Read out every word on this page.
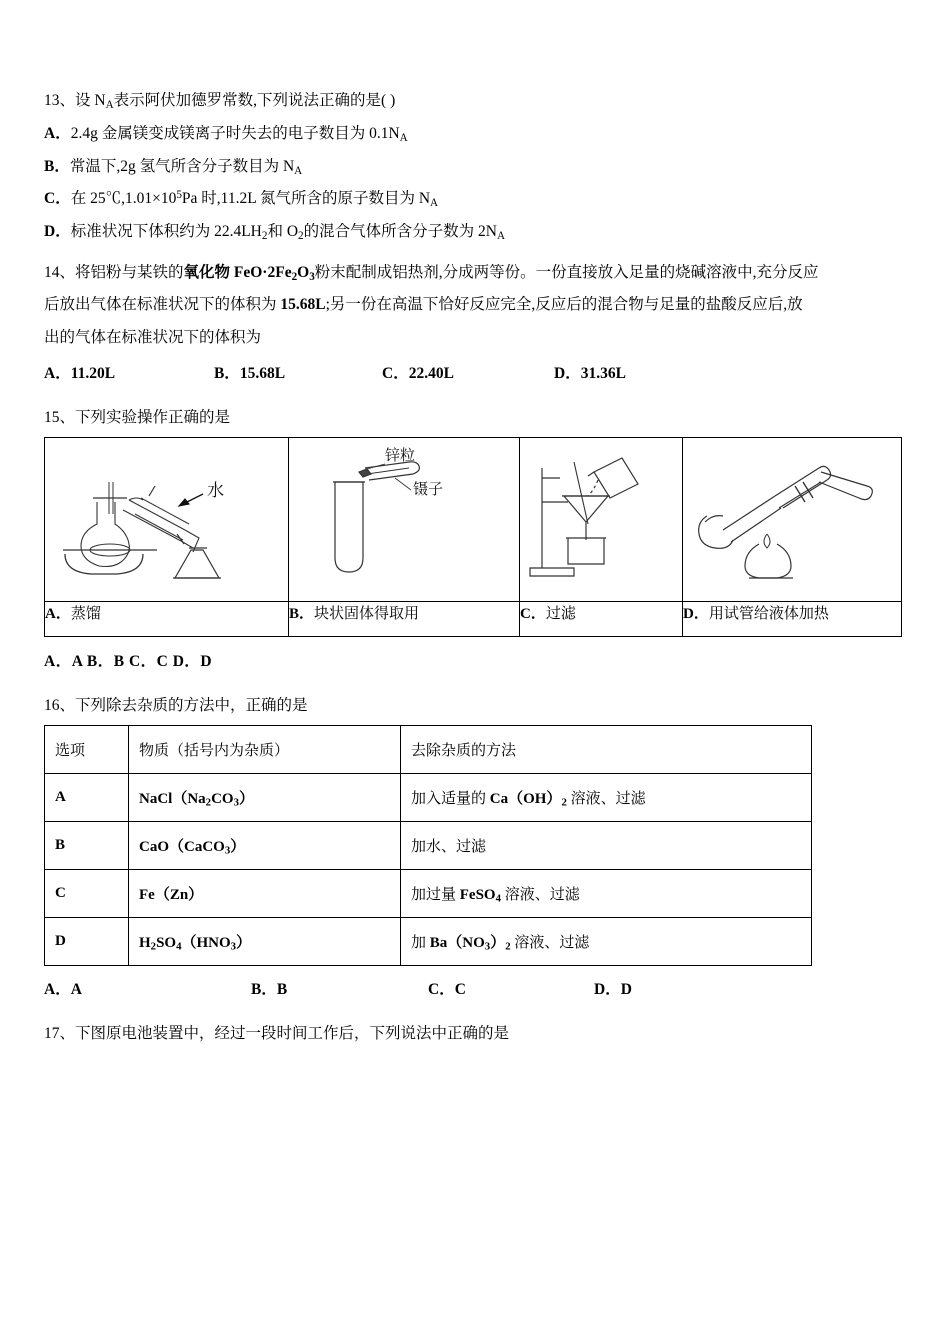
13、设 $N_A$表示阿伏加德罗常数,下列说法正确的是( )
A．2.4g 金属镁变成镁离子时失去的电子数目为 $0.1N_A$
B．常温下,2g 氢气所含分子数目为 $N_A$
C．在 $25℃,1.01\times 10^5Pa$ 时,11.2L 氮气所含的原子数目为 $N_A$
D．标准状况下体积约为 $22.4LH_2$和 $O_2$的混合气体所含分子数为 $2N_A$
14、将铝粉与某铁的氧化物 $FeO\cdot 2Fe_2O_3$粉末配制成铝热剂,分成两等份。一份直接放入足量的烧碱溶液中,充分反应
后放出气体在标准状况下的体积为 15.68L;另一份在高温下恰好反应完全,反应后的混合物与足量的盐酸反应后,放
出的气体在标准状况下的体积为
A．11.20L	B．15.68L	C．22.40L	D．31.36L
15、下列实验操作正确的是
水	锌粒
镊子

A．蒸馏	B．块状固体得取用	C．过滤	D．用试管给液体加热
A．A B．B C．C D．D
16、下列除去杂质的方法中，正确的是
选项	物质（括号内为杂质）	去除杂质的方法
A	$NaCl(Na_2CO_3)$	加入适量的 $Ca(OH)_2$ 溶液、过滤
B	CaO（CaCO$_3$）	加水、过滤
C	Fe（Zn）	加过量 FeSO$_4$ 溶液、过滤
D	$H_2SO_4(HNO_3)$	加 $Ba(NO_3)_2$ 溶液、过滤
A．A	B．B	C．C	D．D
17、下图原电池装置中，经过一段时间工作后，下列说法中正确的是
